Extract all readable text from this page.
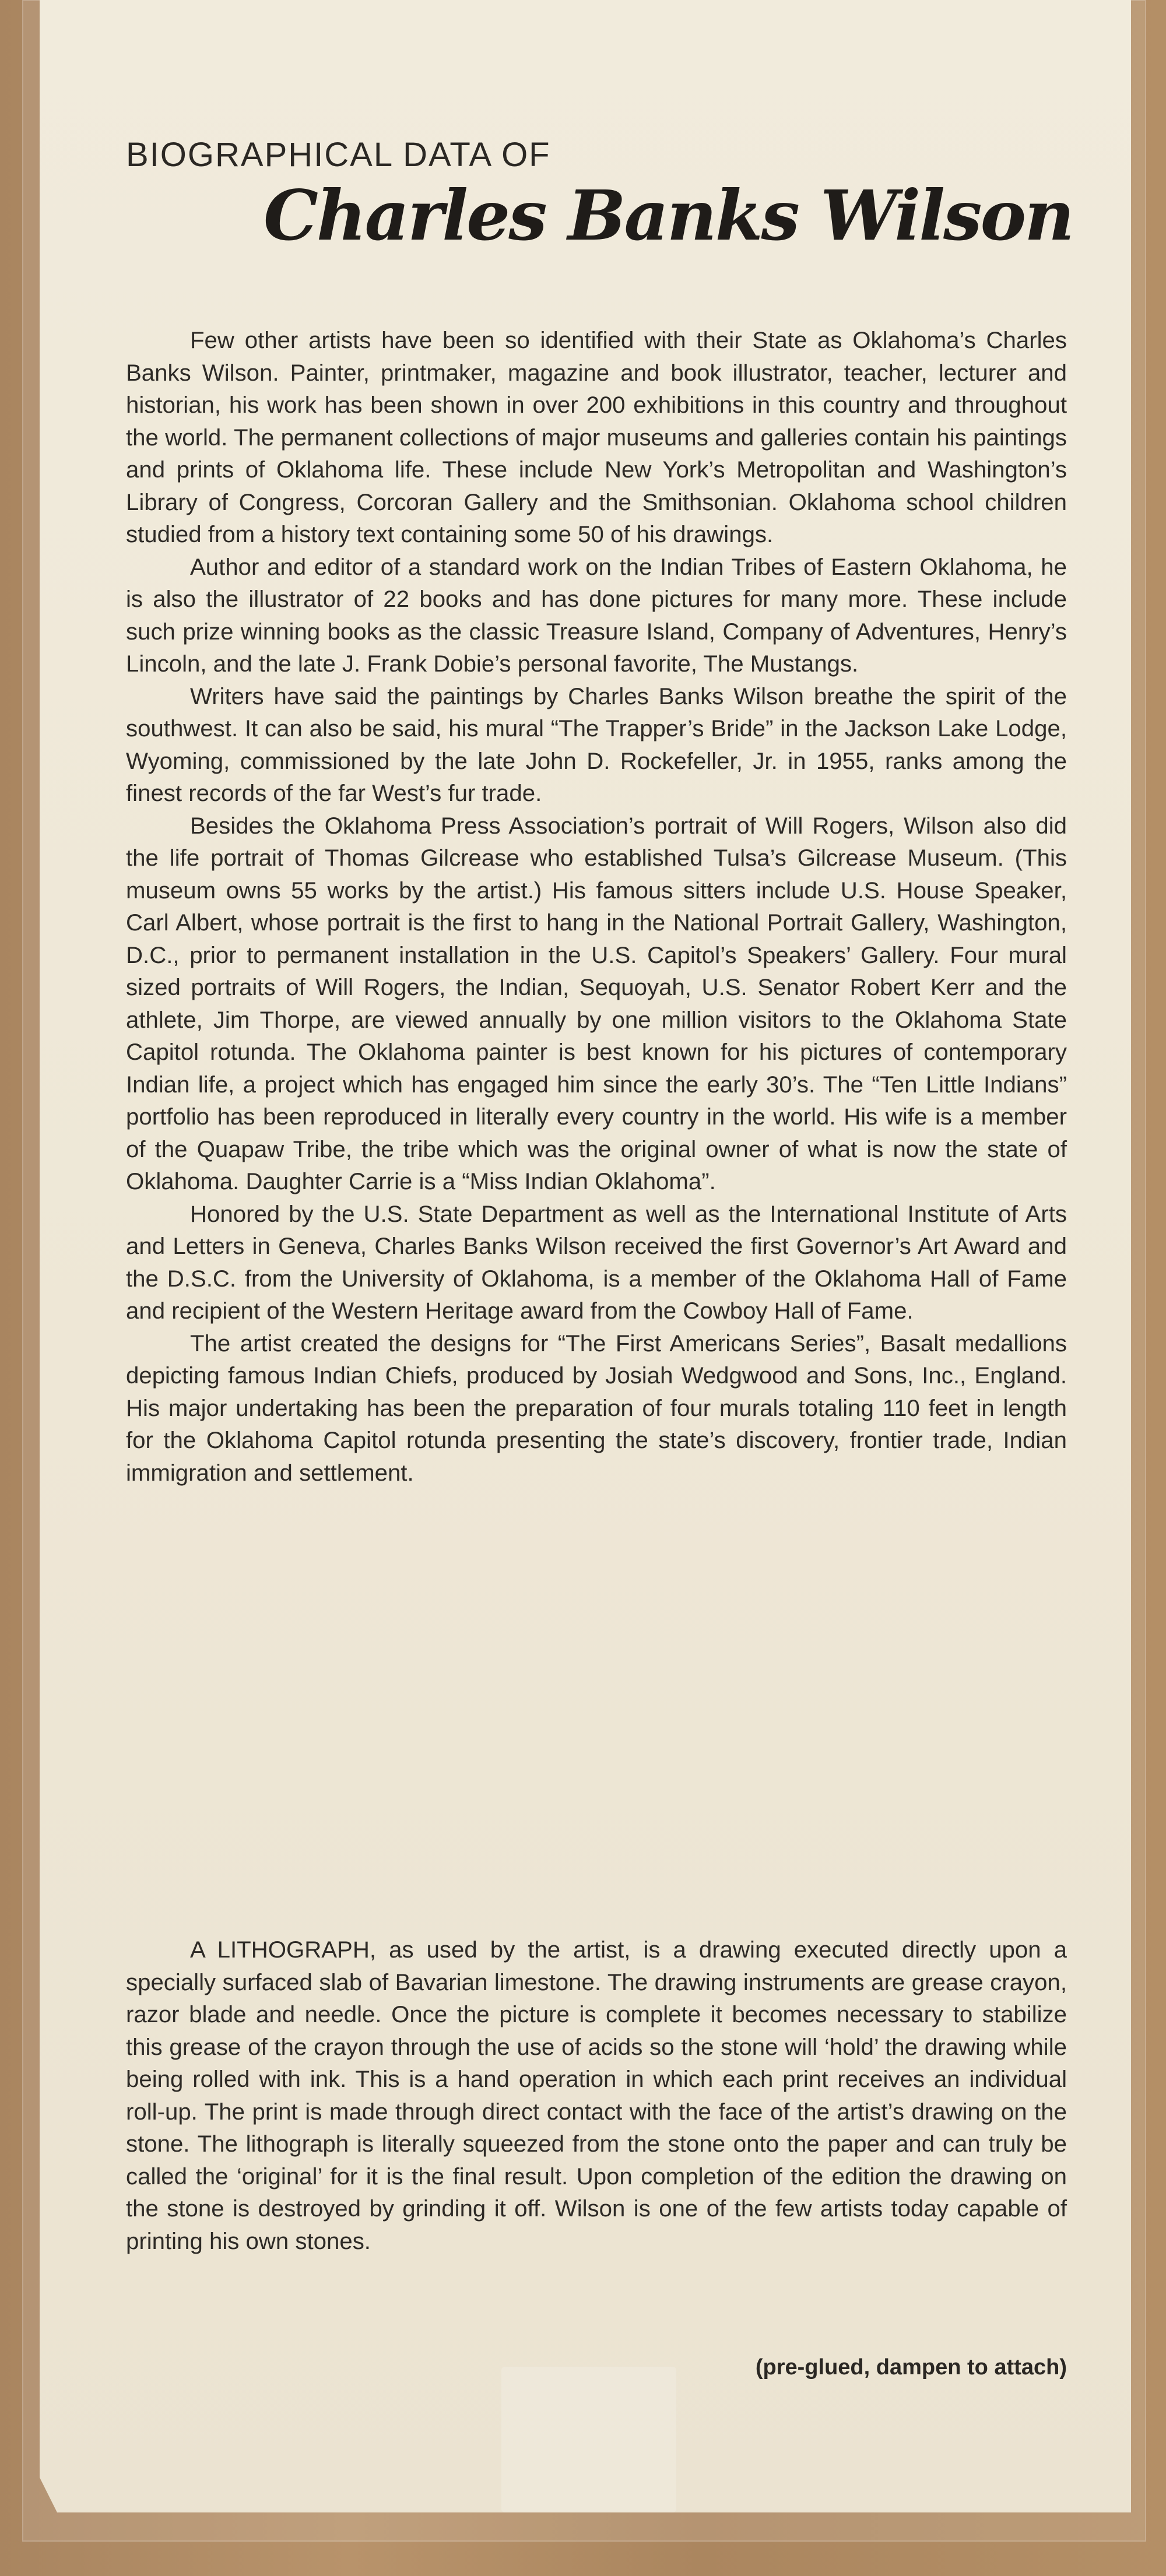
BIOGRAPHICAL DATA OF
Charles Banks Wilson

Few other artists have been so identified with their State as Oklahoma’s Charles Banks Wilson. Painter, printmaker, magazine and book illustrator, teacher, lecturer and historian, his work has been shown in over 200 exhibitions in this country and throughout the world. The permanent collections of major museums and galleries contain his paintings and prints of Oklahoma life. These include New York’s Metropolitan and Washington’s Library of Congress, Corcoran Gallery and the Smithsonian. Oklahoma school children studied from a history text containing some 50 of his drawings.

Author and editor of a standard work on the Indian Tribes of Eastern Oklahoma, he is also the illustrator of 22 books and has done pictures for many more. These include such prize winning books as the classic Treasure Island, Company of Adventures, Henry’s Lincoln, and the late J. Frank Dobie’s personal favorite, The Mustangs.

Writers have said the paintings by Charles Banks Wilson breathe the spirit of the southwest. It can also be said, his mural “The Trapper’s Bride” in the Jackson Lake Lodge, Wyoming, commissioned by the late John D. Rockefeller, Jr. in 1955, ranks among the finest records of the far West’s fur trade.

Besides the Oklahoma Press Association’s portrait of Will Rogers, Wilson also did the life portrait of Thomas Gilcrease who established Tulsa’s Gilcrease Museum. (This museum owns 55 works by the artist.) His famous sitters include U.S. House Speaker, Carl Albert, whose portrait is the first to hang in the National Portrait Gallery, Washington, D.C., prior to permanent installation in the U.S. Capitol’s Speakers’ Gallery. Four mural sized portraits of Will Rogers, the Indian, Sequoyah, U.S. Senator Robert Kerr and the athlete, Jim Thorpe, are viewed annually by one million visitors to the Oklahoma State Capitol rotunda. The Oklahoma painter is best known for his pictures of contemporary Indian life, a project which has engaged him since the early 30’s. The “Ten Little Indians” portfolio has been reproduced in literally every country in the world. His wife is a member of the Quapaw Tribe, the tribe which was the original owner of what is now the state of Oklahoma. Daughter Carrie is a “Miss Indian Oklahoma”.

Honored by the U.S. State Department as well as the International Institute of Arts and Letters in Geneva, Charles Banks Wilson received the first Governor’s Art Award and the D.S.C. from the University of Oklahoma, is a member of the Oklahoma Hall of Fame and recipient of the Western Heritage award from the Cowboy Hall of Fame.

The artist created the designs for “The First Americans Series”, Basalt medallions depicting famous Indian Chiefs, produced by Josiah Wedgwood and Sons, Inc., England. His major undertaking has been the preparation of four murals totaling 110 feet in length for the Oklahoma Capitol rotunda presenting the state’s discovery, frontier trade, Indian immigration and settlement.

A LITHOGRAPH, as used by the artist, is a drawing executed directly upon a specially surfaced slab of Bavarian limestone. The drawing instruments are grease crayon, razor blade and needle. Once the picture is complete it becomes necessary to stabilize this grease of the crayon through the use of acids so the stone will ‘hold’ the drawing while being rolled with ink. This is a hand operation in which each print receives an individual roll-up. The print is made through direct contact with the face of the artist’s drawing on the stone. The lithograph is literally squeezed from the stone onto the paper and can truly be called the ‘original’ for it is the final result. Upon completion of the edition the drawing on the stone is destroyed by grinding it off. Wilson is one of the few artists today capable of printing his own stones.

(pre-glued, dampen to attach)
